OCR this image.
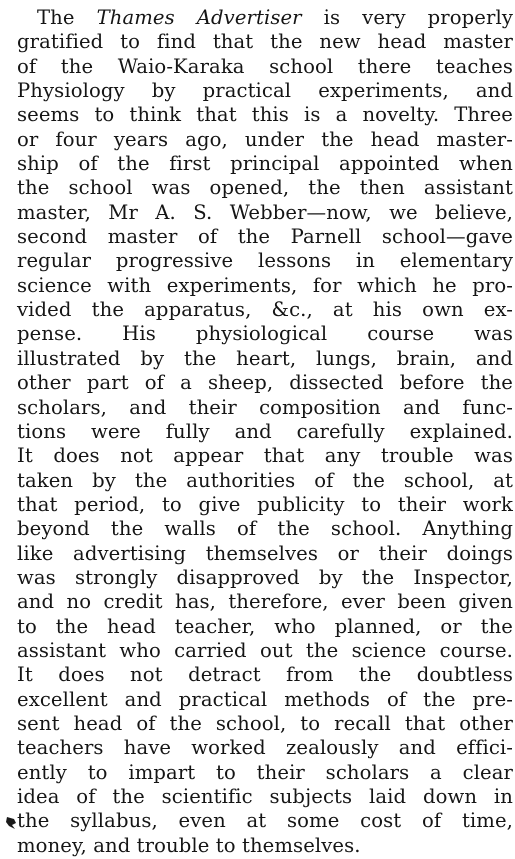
The Thames Advertiser is very properly
gratified to find that the new head master
of the Waio-Karaka school there teaches
Physiology by practical experiments, and
seems to think that this is a novelty. Three
or four years ago, under the head master-
ship of the first principal appointed when
the school was opened, the then assistant
master, Mr A. S. Webber—now, we believe,
second master of the Parnell school—gave
regular progressive lessons in elementary
science with experiments, for which he pro-
vided the apparatus, &c., at his own ex-
pense. His physiological course was
illustrated by the heart, lungs, brain, and
other part of a sheep, dissected before the
scholars, and their composition and func-
tions were fully and carefully explained.
It does not appear that any trouble was
taken by the authorities of the school, at
that period, to give publicity to their work
beyond the walls of the school. Anything
like advertising themselves or their doings
was strongly disapproved by the Inspector,
and no credit has, therefore, ever been given
to the head teacher, who planned, or the
assistant who carried out the science course.
It does not detract from the doubtless
excellent and practical methods of the pre-
sent head of the school, to recall that other
teachers have worked zealously and effici-
ently to impart to their scholars a clear
idea of the scientific subjects laid down in
the syllabus, even at some cost of time,
money, and trouble to themselves.
